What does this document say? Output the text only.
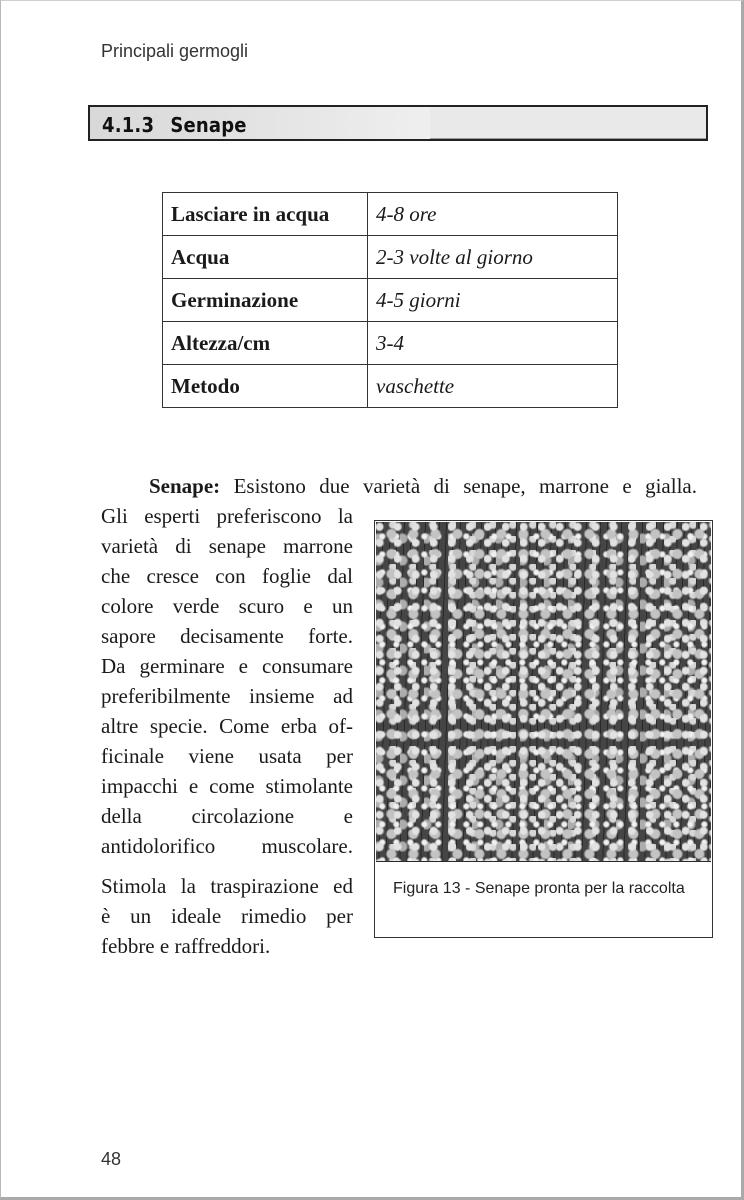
Principali germogli
4.1.3 Senape
Lasciare in acqua	4-8 ore
Acqua	2-3 volte al giorno
Germinazione	4-5 giorni
Altezza/cm	3-4
Metodo	vaschette

Senape: Esistono due varietà di senape, marrone e gialla.

Gli esperti preferiscono la

varietà di senape marrone

che cresce con foglie dal

colore verde scuro e un

sapore decisamente forte.

Da germinare e consumare

preferibilmente insieme ad

altre specie. Come erba of-

ficinale viene usata per

impacchi e come stimolante

della circolazione e

antidolorifico muscolare.

Stimola la traspirazione ed

è un ideale rimedio per

febbre e raffreddori.

Figura 13 - Senape pronta per la raccolta
48
